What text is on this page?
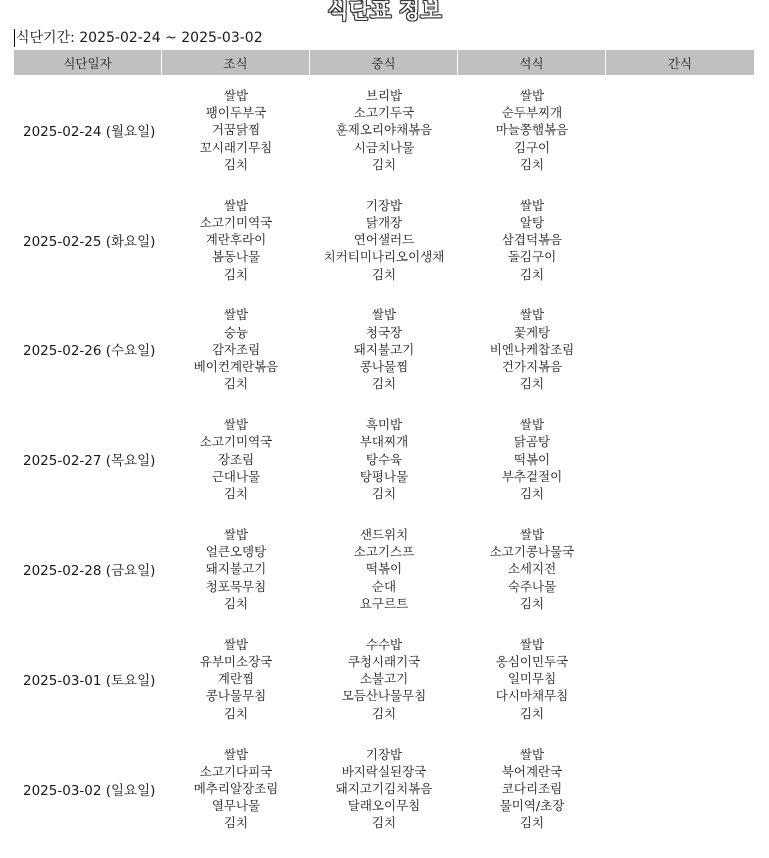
식단표 정보
식단기간: 2025-02-24 ~ 2025-03-02
식단일자	조식	중식	석식	간식
2025-02-24 (월요일)	쌀밥
팽이두부국
거꿈닭찜
꼬시래기무침
김치	브리밥
소고기두국
훈제오리야채볶음
시금치나물
김치	쌀밥
순두부찌개
마늘쫑햄볶음
김구이
김치	

2025-02-25 (화요일)	쌀밥
소고기미역국
계란후라이
봄동나물
김치	기장밥
닭개장
연어샐러드
치커티미나리오이생채
김치	쌀밥
알탕
삼겹덕볶음
돌김구이
김치	

2025-02-26 (수요일)	쌀밥
숭늉
감자조림
베이컨계란볶음
김치	쌀밥
청국장
돼지불고기
콩나물찜
김치	쌀밥
꽃게탕
비엔나케찹조림
건가지볶음
김치	

2025-02-27 (목요일)	쌀밥
소고기미역국
장조림
근대나물
김치	흑미밥
부대찌개
탕수육
탕평나물
김치	쌀밥
닭곰탕
떡볶이
부추겉절이
김치	

2025-02-28 (금요일)	쌀밥
얼큰오뎅탕
돼지불고기
청포묵무침
김치	샌드위치
소고기스프
떡볶이
순대
요구르트	쌀밥
소고기콩나물국
소세지전
숙주나물
김치	

2025-03-01 (토요일)	쌀밥
유부미소장국
계란찜
콩나물무침
김치	수수밥
쿠청시래기국
소불고기
모듬산나물무침
김치	쌀밥
옹심이민두국
일미무침
다시마채무침
김치	

2025-03-02 (일요일)	쌀밥
소고기다피국
메추리알장조림
열무나물
김치	기장밥
바지락실된장국
돼지고기김치볶음
달래오이무침
김치	쌀밥
북어계란국
코다리조림
물미역/초장
김치	
